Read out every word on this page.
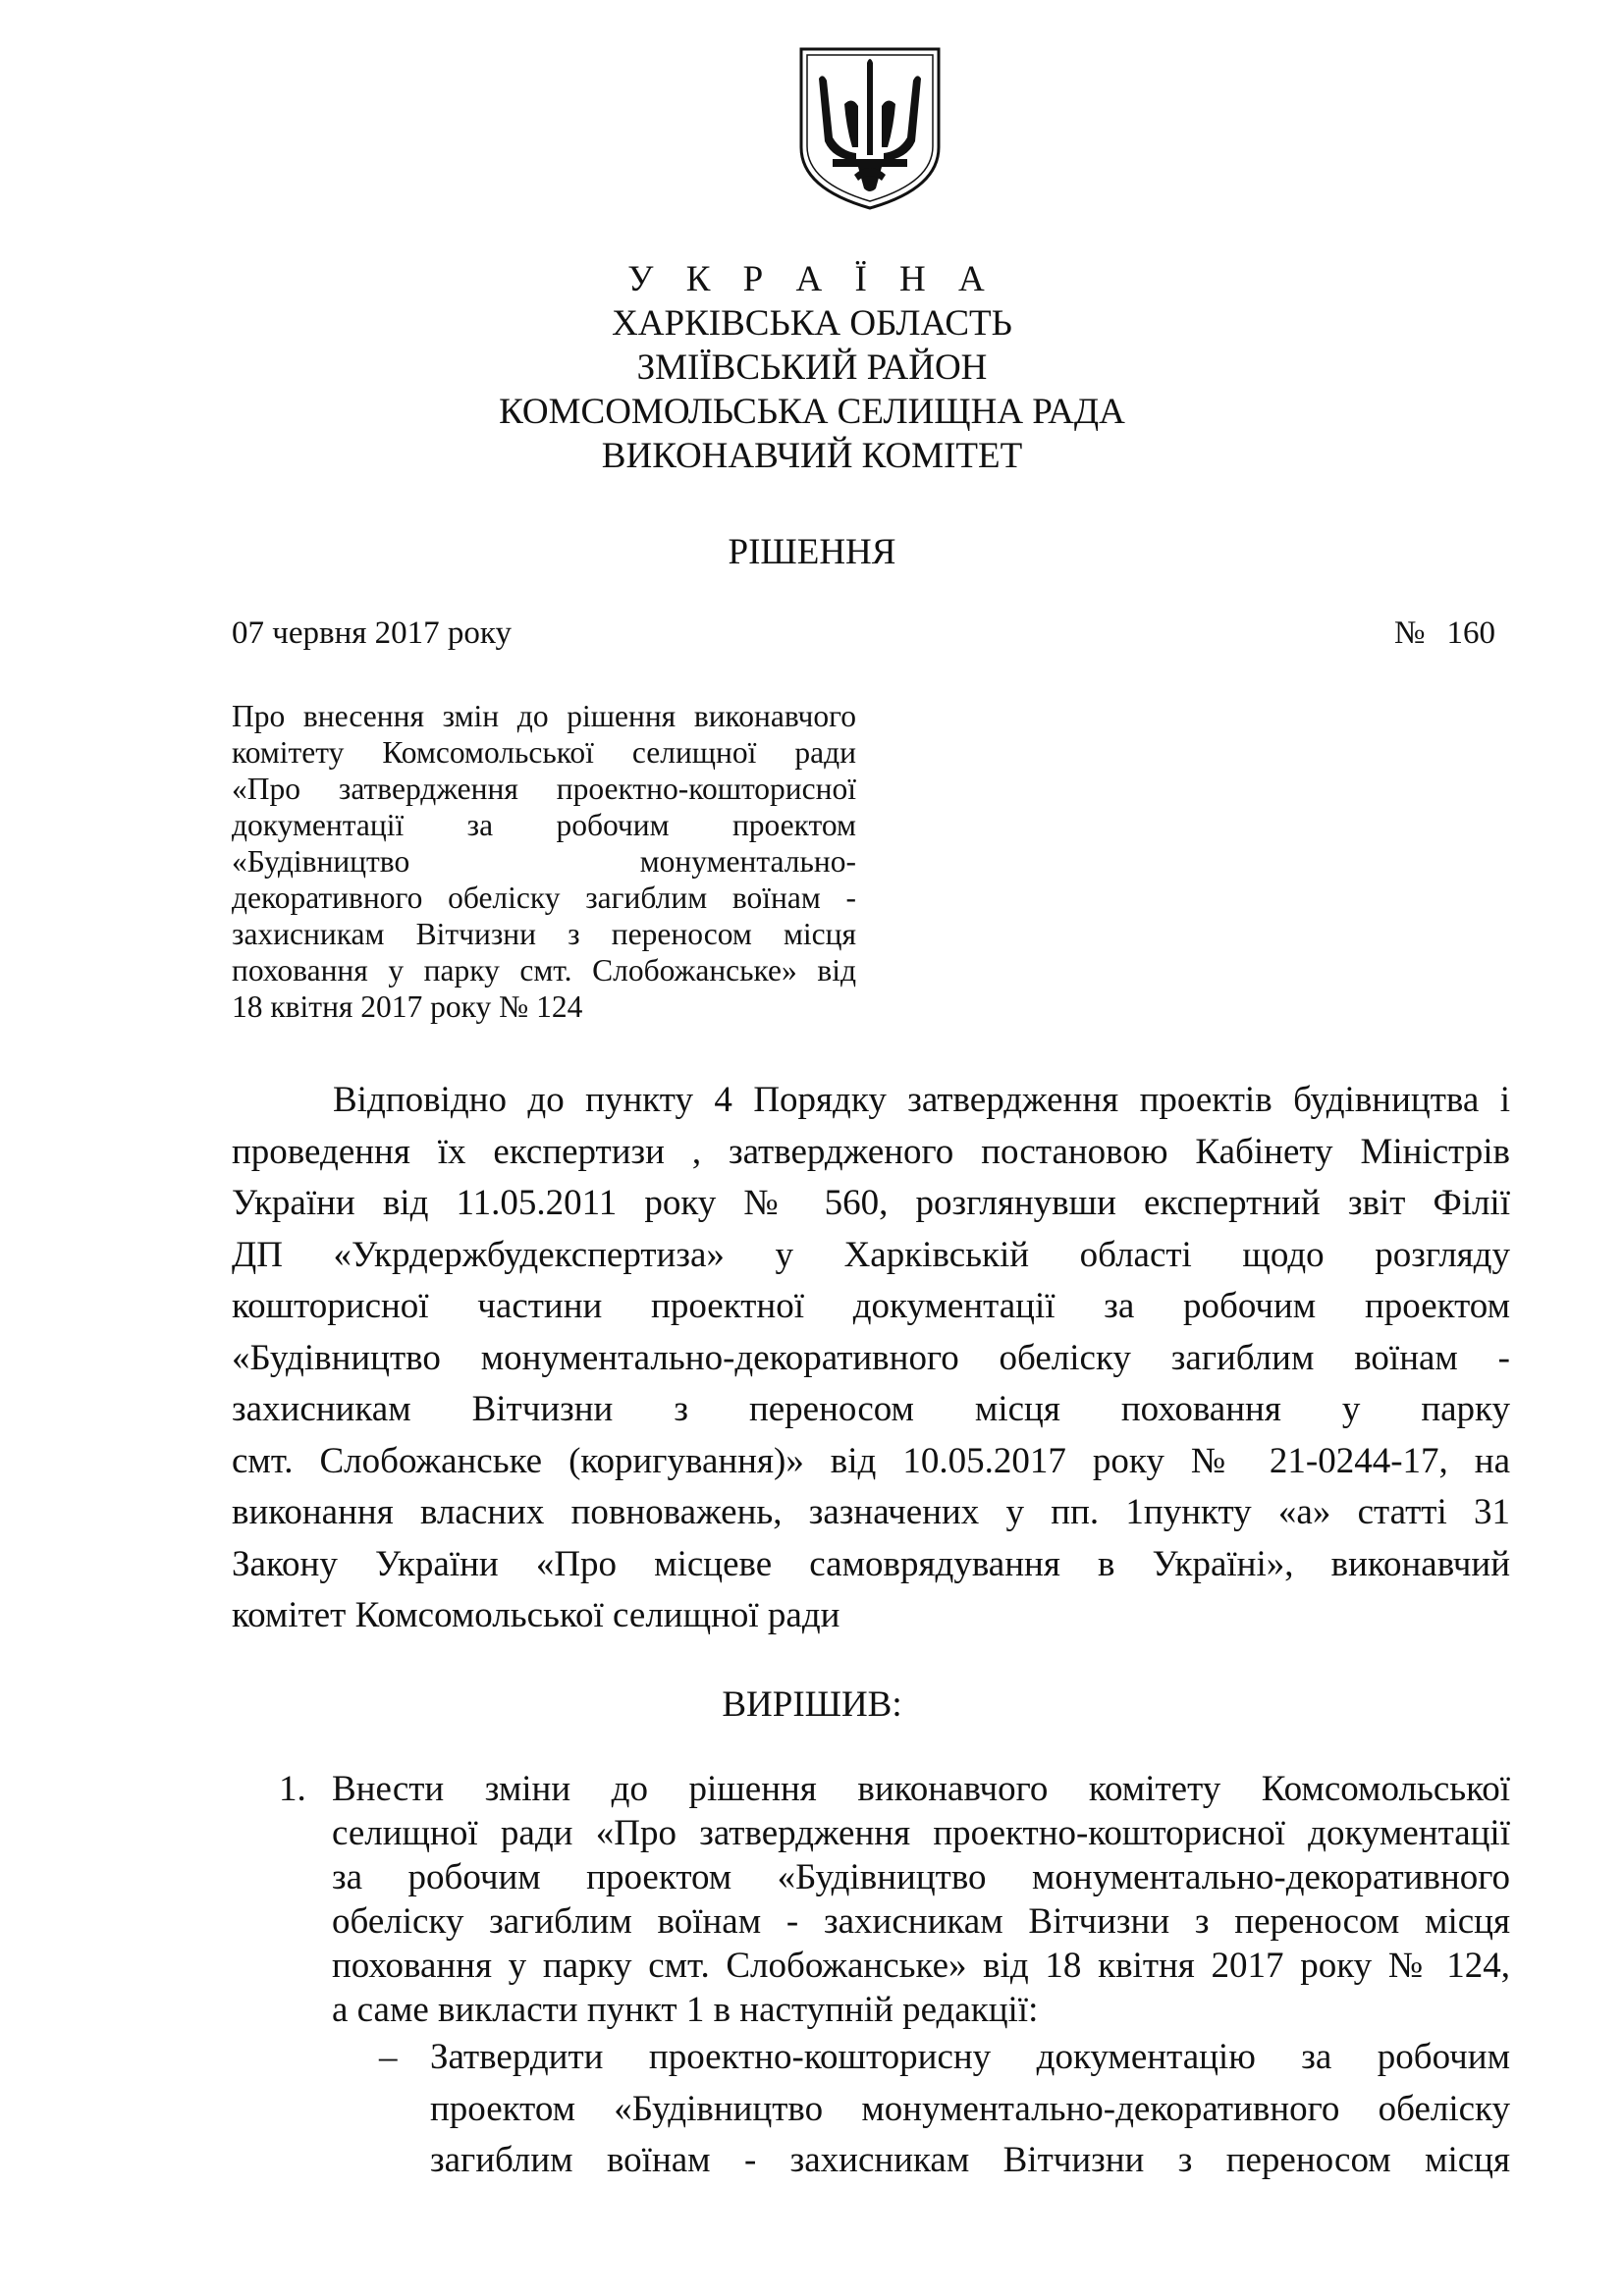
У К Р А Ї Н А
ХАРКІВСЬКА ОБЛАСТЬ
ЗМІЇВСЬКИЙ РАЙОН
КОМСОМОЛЬСЬКА СЕЛИЩНА РАДА
ВИКОНАВЧИЙ КОМІТЕТ
РІШЕННЯ
07 червня 2017 року	№ 160
Про внесення змін до рішення виконавчого
комітету Комсомольської селищної ради
«Про затвердження проектно-кошторисної
документації за робочим проектом
«Будівництво монументально-
декоративного обеліску загиблим воїнам -
захисникам Вітчизни з переносом місця
поховання у парку смт. Слобожанське» від
18 квітня 2017 року № 124
Відповідно до пункту 4 Порядку затвердження проектів будівництва і
проведення їх експертизи , затвердженого постановою Кабінету Міністрів
України від 11.05.2011 року № 560, розглянувши експертний звіт Філії
ДП «Укрдержбудекспертиза» у Харківській області щодо розгляду
кошторисної частини проектної документації за робочим проектом
«Будівництво монументально-декоративного обеліску загиблим воїнам -
захисникам Вітчизни з переносом місця поховання у парку
смт. Слобожанське (коригування)» від 10.05.2017 року № 21-0244-17, на
виконання власних повноважень, зазначених у пп. 1пункту «а» статті 31
Закону України «Про місцеве самоврядування в Україні», виконавчий
комітет Комсомольської селищної ради
ВИРІШИВ:
1. Внести зміни до рішення виконавчого комітету Комсомольської
селищної ради «Про затвердження проектно-кошторисної документації
за робочим проектом «Будівництво монументально-декоративного
обеліску загиблим воїнам - захисникам Вітчизни з переносом місця
поховання у парку смт. Слобожанське» від 18 квітня 2017 року № 124,
а саме викласти пункт 1 в наступній редакції:
– Затвердити проектно-кошторисну документацію за робочим
проектом «Будівництво монументально-декоративного обеліску
загиблим воїнам - захисникам Вітчизни з переносом місця
